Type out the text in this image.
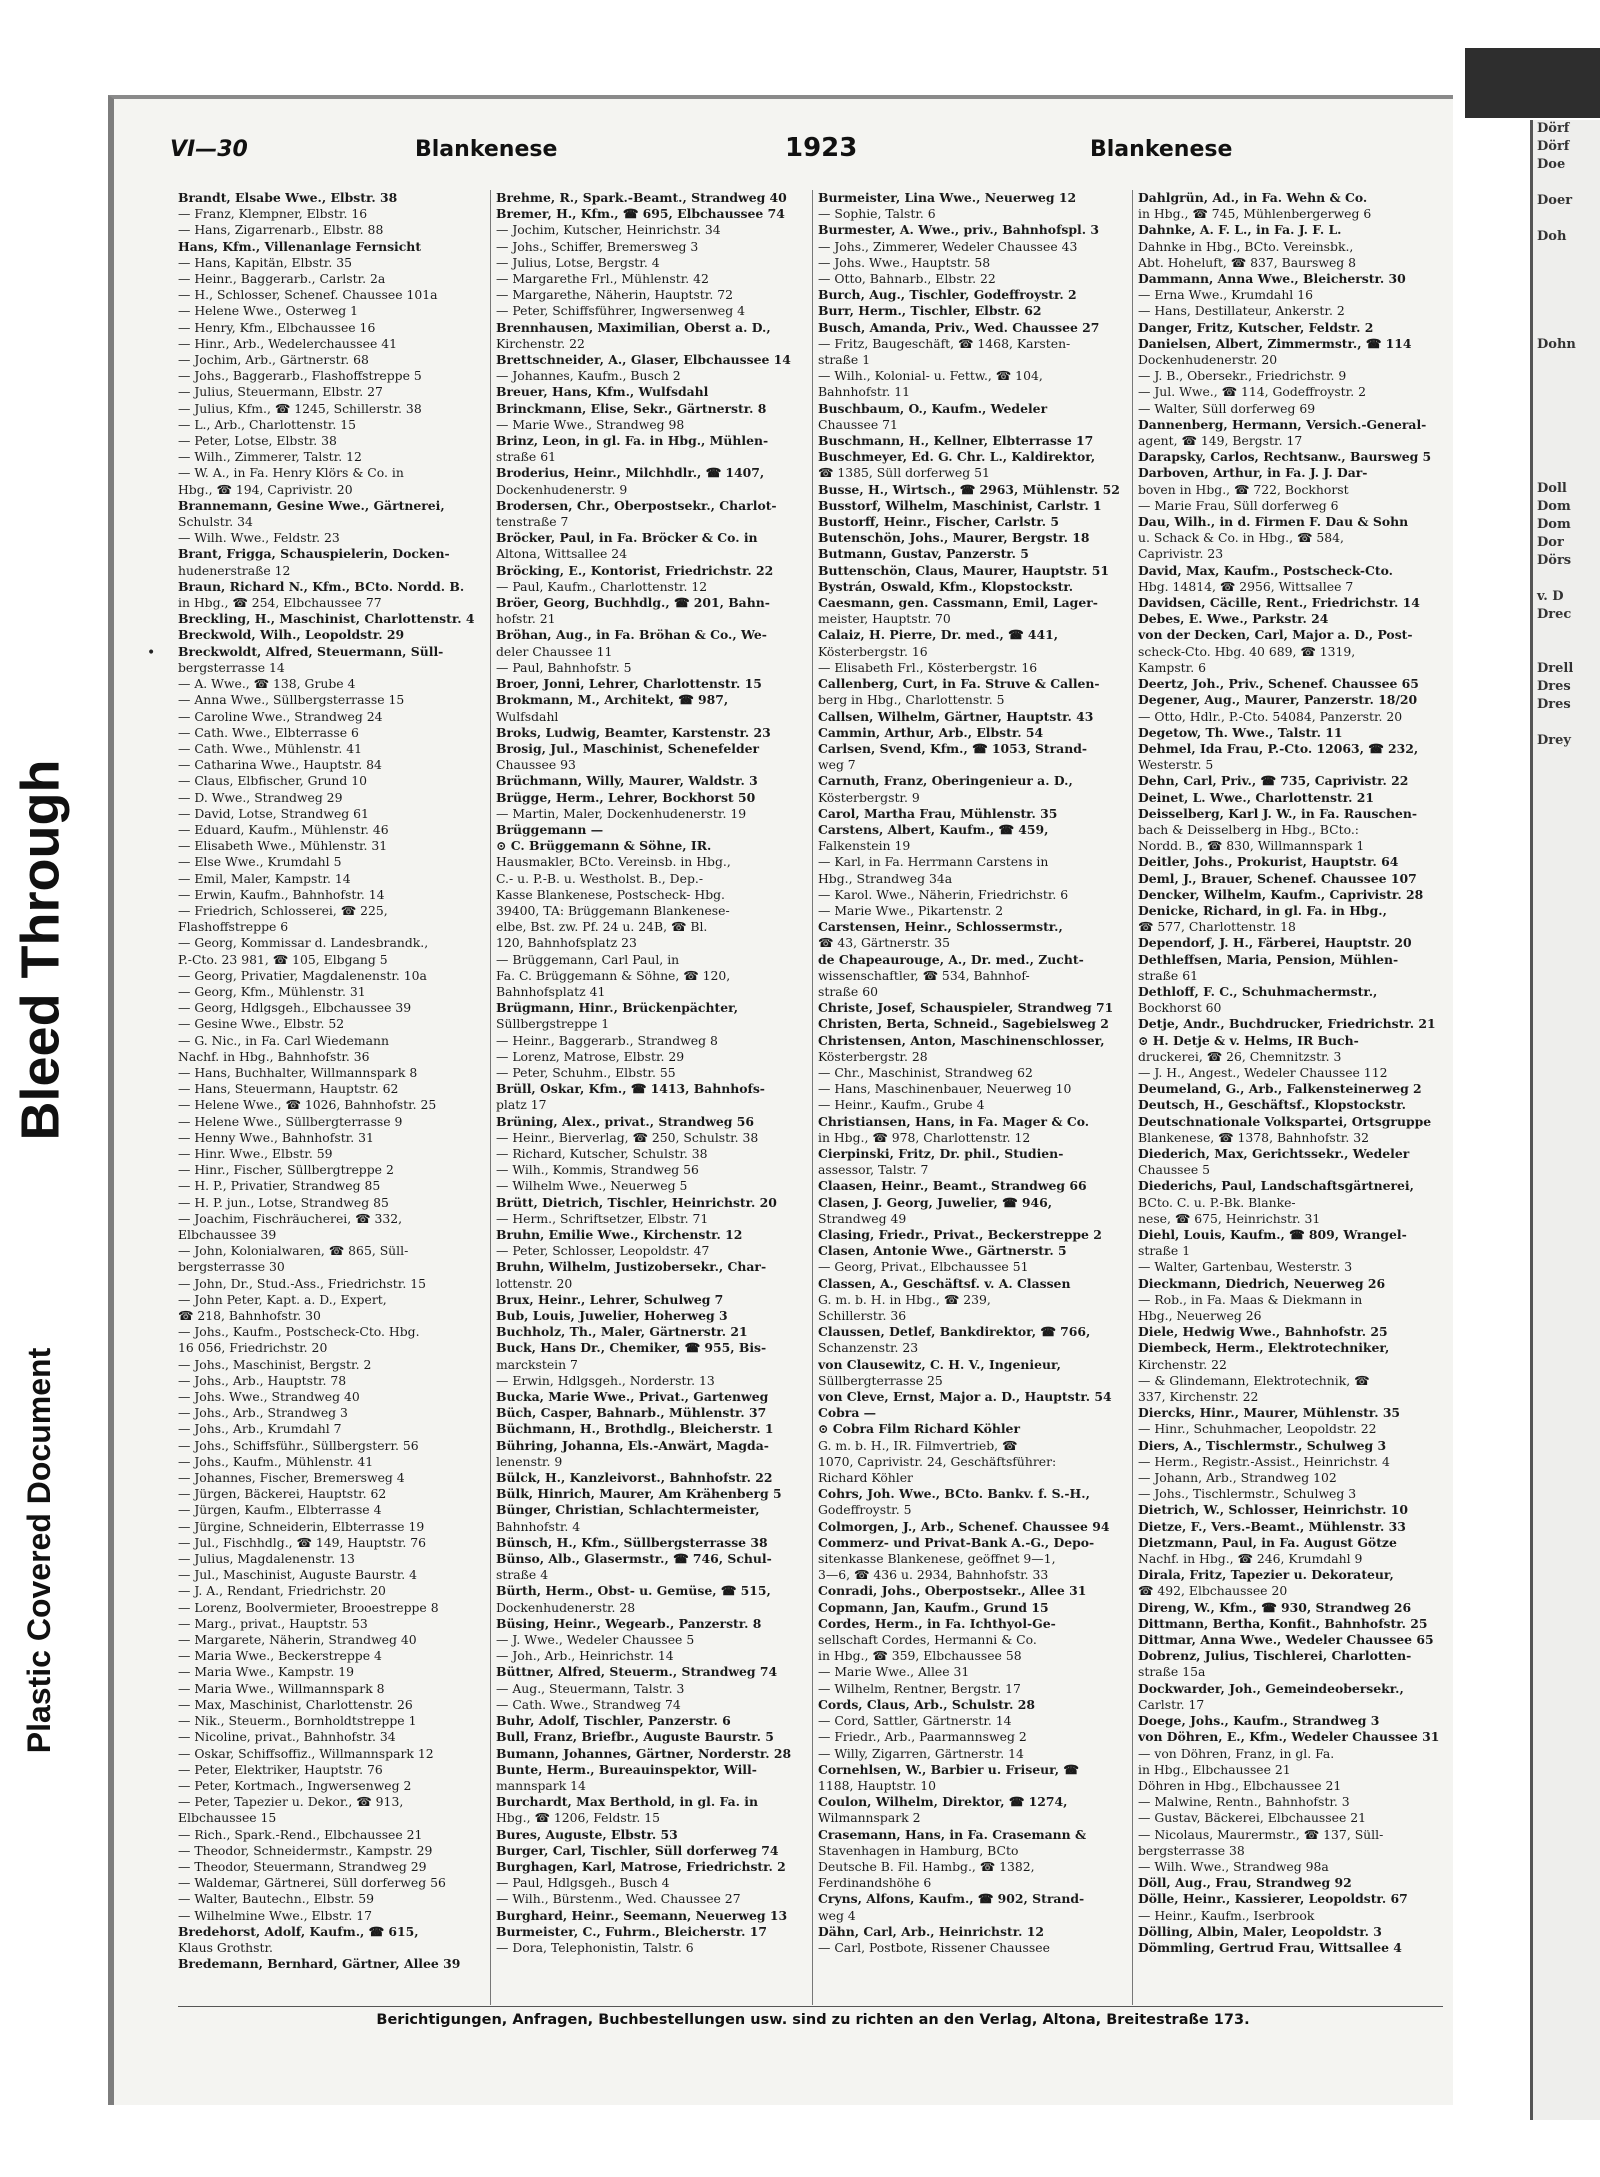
Bleed Through
Plastic Covered Document
Dörf
Dörf
Doe

Doer

Doh

Dohn

Doll
Dom
Dom
Dor
Dörs

v. D
Drec

Drell
Dres
Dres

Drey
VI—30	Blankenese	1923	Blankenese
•
Brandt, Elsabe Wwe., Elbstr. 38
— Franz, Klempner, Elbstr. 16
— Hans, Zigarrenarb., Elbstr. 88
Hans, Kfm., Villenanlage Fernsicht
— Hans, Kapitän, Elbstr. 35
— Heinr., Baggerarb., Carlstr. 2a
— H., Schlosser, Schenef. Chaussee 101a
— Helene Wwe., Osterweg 1
— Henry, Kfm., Elbchaussee 16
— Hinr., Arb., Wedelerchaussee 41
— Jochim, Arb., Gärtnerstr. 68
— Johs., Baggerarb., Flashoffstreppe 5
— Julius, Steuermann, Elbstr. 27
— Julius, Kfm., ☎ 1245, Schillerstr. 38
— L., Arb., Charlottenstr. 15
— Peter, Lotse, Elbstr. 38
— Wilh., Zimmerer, Talstr. 12
— W. A., in Fa. Henry Klörs & Co. in
Hbg., ☎ 194, Caprivistr. 20
Brannemann, Gesine Wwe., Gärtnerei,
Schulstr. 34
— Wilh. Wwe., Feldstr. 23
Brant, Frigga, Schauspielerin, Docken-
hudenerstraße 12
Braun, Richard N., Kfm., BCto. Nordd. B.
in Hbg., ☎ 254, Elbchaussee 77
Breckling, H., Maschinist, Charlottenstr. 4
Breckwold, Wilh., Leopoldstr. 29
Breckwoldt, Alfred, Steuermann, Süll-
bergsterrasse 14
— A. Wwe., ☎ 138, Grube 4
— Anna Wwe., Süllbergsterrasse 15
— Caroline Wwe., Strandweg 24
— Cath. Wwe., Elbterrasse 6
— Cath. Wwe., Mühlenstr. 41
— Catharina Wwe., Hauptstr. 84
— Claus, Elbfischer, Grund 10
— D. Wwe., Strandweg 29
— David, Lotse, Strandweg 61
— Eduard, Kaufm., Mühlenstr. 46
— Elisabeth Wwe., Mühlenstr. 31
— Else Wwe., Krumdahl 5
— Emil, Maler, Kampstr. 14
— Erwin, Kaufm., Bahnhofstr. 14
— Friedrich, Schlosserei, ☎ 225,
Flashoffstreppe 6
— Georg, Kommissar d. Landesbrandk.,
P.-Cto. 23 981, ☎ 105, Elbgang 5
— Georg, Privatier, Magdalenenstr. 10a
— Georg, Kfm., Mühlenstr. 31
— Georg, Hdlgsgeh., Elbchaussee 39
— Gesine Wwe., Elbstr. 52
— G. Nic., in Fa. Carl Wiedemann
Nachf. in Hbg., Bahnhofstr. 36
— Hans, Buchhalter, Willmannspark 8
— Hans, Steuermann, Hauptstr. 62
— Helene Wwe., ☎ 1026, Bahnhofstr. 25
— Helene Wwe., Süllbergterrasse 9
— Henny Wwe., Bahnhofstr. 31
— Hinr. Wwe., Elbstr. 59
— Hinr., Fischer, Süllbergtreppe 2
— H. P., Privatier, Strandweg 85
— H. P. jun., Lotse, Strandweg 85
— Joachim, Fischräucherei, ☎ 332,
Elbchaussee 39
— John, Kolonialwaren, ☎ 865, Süll-
bergsterrasse 30
— John, Dr., Stud.-Ass., Friedrichstr. 15
— John Peter, Kapt. a. D., Expert,
☎ 218, Bahnhofstr. 30
— Johs., Kaufm., Postscheck-Cto. Hbg.
16 056, Friedrichstr. 20
— Johs., Maschinist, Bergstr. 2
— Johs., Arb., Hauptstr. 78
— Johs. Wwe., Strandweg 40
— Johs., Arb., Strandweg 3
— Johs., Arb., Krumdahl 7
— Johs., Schiffsführ., Süllbergsterr. 56
— Johs., Kaufm., Mühlenstr. 41
— Johannes, Fischer, Bremersweg 4
— Jürgen, Bäckerei, Hauptstr. 62
— Jürgen, Kaufm., Elbterrasse 4
— Jürgine, Schneiderin, Elbterrasse 19
— Jul., Fischhdlg., ☎ 149, Hauptstr. 76
— Julius, Magdalenenstr. 13
— Jul., Maschinist, Auguste Baurstr. 4
— J. A., Rendant, Friedrichstr. 20
— Lorenz, Boolvermieter, Brooestreppe 8
— Marg., privat., Hauptstr. 53
— Margarete, Näherin, Strandweg 40
— Maria Wwe., Beckerstreppe 4
— Maria Wwe., Kampstr. 19
— Maria Wwe., Willmannspark 8
— Max, Maschinist, Charlottenstr. 26
— Nik., Steuerm., Bornholdtstreppe 1
— Nicoline, privat., Bahnhofstr. 34
— Oskar, Schiffsoffiz., Willmannspark 12
— Peter, Elektriker, Hauptstr. 76
— Peter, Kortmach., Ingwersenweg 2
— Peter, Tapezier u. Dekor., ☎ 913,
Elbchaussee 15
— Rich., Spark.-Rend., Elbchaussee 21
— Theodor, Schneidermstr., Kampstr. 29
— Theodor, Steuermann, Strandweg 29
— Waldemar, Gärtnerei, Süll dorferweg 56
— Walter, Bautechn., Elbstr. 59
— Wilhelmine Wwe., Elbstr. 17
Bredehorst, Adolf, Kaufm., ☎ 615,
Klaus Grothstr.
Bredemann, Bernhard, Gärtner, Allee 39
Brehme, R., Spark.-Beamt., Strandweg 40
Bremer, H., Kfm., ☎ 695, Elbchaussee 74
— Jochim, Kutscher, Heinrichstr. 34
— Johs., Schiffer, Bremersweg 3
— Julius, Lotse, Bergstr. 4
— Margarethe Frl., Mühlenstr. 42
— Margarethe, Näherin, Hauptstr. 72
— Peter, Schiffsführer, Ingwersenweg 4
Brennhausen, Maximilian, Oberst a. D.,
Kirchenstr. 22
Brettschneider, A., Glaser, Elbchaussee 14
— Johannes, Kaufm., Busch 2
Breuer, Hans, Kfm., Wulfsdahl
Brinckmann, Elise, Sekr., Gärtnerstr. 8
— Marie Wwe., Strandweg 98
Brinz, Leon, in gl. Fa. in Hbg., Mühlen-
straße 61
Broderius, Heinr., Milchhdlr., ☎ 1407,
Dockenhudenerstr. 9
Brodersen, Chr., Oberpostsekr., Charlot-
tenstraße 7
Bröcker, Paul, in Fa. Bröcker & Co. in
Altona, Wittsallee 24
Bröcking, E., Kontorist, Friedrichstr. 22
— Paul, Kaufm., Charlottenstr. 12
Bröer, Georg, Buchhdlg., ☎ 201, Bahn-
hofstr. 21
Bröhan, Aug., in Fa. Bröhan & Co., We-
deler Chaussee 11
— Paul, Bahnhofstr. 5
Broer, Jonni, Lehrer, Charlottenstr. 15
Brokmann, M., Architekt, ☎ 987,
Wulfsdahl
Broks, Ludwig, Beamter, Karstenstr. 23
Brosig, Jul., Maschinist, Schenefelder
Chaussee 93
Brüchmann, Willy, Maurer, Waldstr. 3
Brügge, Herm., Lehrer, Bockhorst 50
— Martin, Maler, Dockenhudenerstr. 19
Brüggemann —
⊙ C. Brüggemann & Söhne, IR.
Hausmakler, BCto. Vereinsb. in Hbg.,
C.- u. P.-B. u. Westholst. B., Dep.-
Kasse Blankenese, Postscheck- Hbg.
39400, TA: Brüggemann Blankenese-
elbe, Bst. zw. Pf. 24 u. 24B, ☎ Bl.
120, Bahnhofsplatz 23
— Brüggemann, Carl Paul, in
Fa. C. Brüggemann & Söhne, ☎ 120,
Bahnhofsplatz 41
Brügmann, Hinr., Brückenpächter,
Süllbergstreppe 1
— Heinr., Baggerarb., Strandweg 8
— Lorenz, Matrose, Elbstr. 29
— Peter, Schuhm., Elbstr. 55
Brüll, Oskar, Kfm., ☎ 1413, Bahnhofs-
platz 17
Brüning, Alex., privat., Strandweg 56
— Heinr., Bierverlag, ☎ 250, Schulstr. 38
— Richard, Kutscher, Schulstr. 38
— Wilh., Kommis, Strandweg 56
— Wilhelm Wwe., Neuerweg 5
Brütt, Dietrich, Tischler, Heinrichstr. 20
— Herm., Schriftsetzer, Elbstr. 71
Bruhn, Emilie Wwe., Kirchenstr. 12
— Peter, Schlosser, Leopoldstr. 47
Bruhn, Wilhelm, Justizobersekr., Char-
lottenstr. 20
Brux, Heinr., Lehrer, Schulweg 7
Bub, Louis, Juwelier, Hoherweg 3
Buchholz, Th., Maler, Gärtnerstr. 21
Buck, Hans Dr., Chemiker, ☎ 955, Bis-
marckstein 7
— Erwin, Hdlgsgeh., Norderstr. 13
Bucka, Marie Wwe., Privat., Gartenweg
Büch, Casper, Bahnarb., Mühlenstr. 37
Büchmann, H., Brothdlg., Bleicherstr. 1
Bühring, Johanna, Els.-Anwärt, Magda-
lenenstr. 9
Bülck, H., Kanzleivorst., Bahnhofstr. 22
Bülk, Hinrich, Maurer, Am Krähenberg 5
Bünger, Christian, Schlachtermeister,
Bahnhofstr. 4
Bünsch, H., Kfm., Süllbergsterrasse 38
Bünso, Alb., Glasermstr., ☎ 746, Schul-
straße 4
Bürth, Herm., Obst- u. Gemüse, ☎ 515,
Dockenhudenerstr. 28
Büsing, Heinr., Wegearb., Panzerstr. 8
— J. Wwe., Wedeler Chaussee 5
— Joh., Arb., Heinrichstr. 14
Büttner, Alfred, Steuerm., Strandweg 74
— Aug., Steuermann, Talstr. 3
— Cath. Wwe., Strandweg 74
Buhr, Adolf, Tischler, Panzerstr. 6
Bull, Franz, Briefbr., Auguste Baurstr. 5
Bumann, Johannes, Gärtner, Norderstr. 28
Bunte, Herm., Bureauinspektor, Will-
mannspark 14
Burchardt, Max Berthold, in gl. Fa. in
Hbg., ☎ 1206, Feldstr. 15
Bures, Auguste, Elbstr. 53
Burger, Carl, Tischler, Süll dorferweg 74
Burghagen, Karl, Matrose, Friedrichstr. 2
— Paul, Hdlgsgeh., Busch 4
— Wilh., Bürstenm., Wed. Chaussee 27
Burghard, Heinr., Seemann, Neuerweg 13
Burmeister, C., Fuhrm., Bleicherstr. 17
— Dora, Telephonistin, Talstr. 6
Burmeister, Lina Wwe., Neuerweg 12
— Sophie, Talstr. 6
Burmester, A. Wwe., priv., Bahnhofspl. 3
— Johs., Zimmerer, Wedeler Chaussee 43
— Johs. Wwe., Hauptstr. 58
— Otto, Bahnarb., Elbstr. 22
Burch, Aug., Tischler, Godeffroystr. 2
Burr, Herm., Tischler, Elbstr. 62
Busch, Amanda, Priv., Wed. Chaussee 27
— Fritz, Baugeschäft, ☎ 1468, Karsten-
straße 1
— Wilh., Kolonial- u. Fettw., ☎ 104,
Bahnhofstr. 11
Buschbaum, O., Kaufm., Wedeler
Chaussee 71
Buschmann, H., Kellner, Elbterrasse 17
Buschmeyer, Ed. G. Chr. L., Kaldirektor,
☎ 1385, Süll dorferweg 51
Busse, H., Wirtsch., ☎ 2963, Mühlenstr. 52
Busstorf, Wilhelm, Maschinist, Carlstr. 1
Bustorff, Heinr., Fischer, Carlstr. 5
Butenschön, Johs., Maurer, Bergstr. 18
Butmann, Gustav, Panzerstr. 5
Buttenschön, Claus, Maurer, Hauptstr. 51
Bystrán, Oswald, Kfm., Klopstockstr.
Caesmann, gen. Cassmann, Emil, Lager-
meister, Hauptstr. 70
Calaiz, H. Pierre, Dr. med., ☎ 441,
Kösterbergstr. 16
— Elisabeth Frl., Kösterbergstr. 16
Callenberg, Curt, in Fa. Struve & Callen-
berg in Hbg., Charlottenstr. 5
Callsen, Wilhelm, Gärtner, Hauptstr. 43
Cammin, Arthur, Arb., Elbstr. 54
Carlsen, Svend, Kfm., ☎ 1053, Strand-
weg 7
Carnuth, Franz, Oberingenieur a. D.,
Kösterbergstr. 9
Carol, Martha Frau, Mühlenstr. 35
Carstens, Albert, Kaufm., ☎ 459,
Falkenstein 19
— Karl, in Fa. Herrmann Carstens in
Hbg., Strandweg 34a
— Karol. Wwe., Näherin, Friedrichstr. 6
— Marie Wwe., Pikartenstr. 2
Carstensen, Heinr., Schlossermstr.,
☎ 43, Gärtnerstr. 35
de Chapeaurouge, A., Dr. med., Zucht-
wissenschaftler, ☎ 534, Bahnhof-
straße 60
Christe, Josef, Schauspieler, Strandweg 71
Christen, Berta, Schneid., Sagebielsweg 2
Christensen, Anton, Maschinenschlosser,
Kösterbergstr. 28
— Chr., Maschinist, Strandweg 62
— Hans, Maschinenbauer, Neuerweg 10
— Heinr., Kaufm., Grube 4
Christiansen, Hans, in Fa. Mager & Co.
in Hbg., ☎ 978, Charlottenstr. 12
Cierpinski, Fritz, Dr. phil., Studien-
assessor, Talstr. 7
Claasen, Heinr., Beamt., Strandweg 66
Clasen, J. Georg, Juwelier, ☎ 946,
Strandweg 49
Clasing, Friedr., Privat., Beckerstreppe 2
Clasen, Antonie Wwe., Gärtnerstr. 5
— Georg, Privat., Elbchaussee 51
Classen, A., Geschäftsf. v. A. Classen
G. m. b. H. in Hbg., ☎ 239,
Schillerstr. 36
Claussen, Detlef, Bankdirektor, ☎ 766,
Schanzenstr. 23
von Clausewitz, C. H. V., Ingenieur,
Süllbergterrasse 25
von Cleve, Ernst, Major a. D., Hauptstr. 54
Cobra —
⊙ Cobra Film Richard Köhler
G. m. b. H., IR. Filmvertrieb, ☎
1070, Caprivistr. 24, Geschäftsführer:
Richard Köhler
Cohrs, Joh. Wwe., BCto. Bankv. f. S.-H.,
Godeffroystr. 5
Colmorgen, J., Arb., Schenef. Chaussee 94
Commerz- und Privat-Bank A.-G., Depo-
sitenkasse Blankenese, geöffnet 9—1,
3—6, ☎ 436 u. 2934, Bahnhofstr. 33
Conradi, Johs., Oberpostsekr., Allee 31
Copmann, Jan, Kaufm., Grund 15
Cordes, Herm., in Fa. Ichthyol-Ge-
sellschaft Cordes, Hermanni & Co.
in Hbg., ☎ 359, Elbchaussee 58
— Marie Wwe., Allee 31
— Wilhelm, Rentner, Bergstr. 17
Cords, Claus, Arb., Schulstr. 28
— Cord, Sattler, Gärtnerstr. 14
— Friedr., Arb., Paarmannsweg 2
— Willy, Zigarren, Gärtnerstr. 14
Cornehlsen, W., Barbier u. Friseur, ☎
1188, Hauptstr. 10
Coulon, Wilhelm, Direktor, ☎ 1274,
Wilmannspark 2
Crasemann, Hans, in Fa. Crasemann &
Stavenhagen in Hamburg, BCto
Deutsche B. Fil. Hambg., ☎ 1382,
Ferdinandshöhe 6
Cryns, Alfons, Kaufm., ☎ 902, Strand-
weg 4
Dähn, Carl, Arb., Heinrichstr. 12
— Carl, Postbote, Rissener Chaussee
Dahlgrün, Ad., in Fa. Wehn & Co.
in Hbg., ☎ 745, Mühlenbergerweg 6
Dahnke, A. F. L., in Fa. J. F. L.
Dahnke in Hbg., BCto. Vereinsbk.,
Abt. Hoheluft, ☎ 837, Baursweg 8
Dammann, Anna Wwe., Bleicherstr. 30
— Erna Wwe., Krumdahl 16
— Hans, Destillateur, Ankerstr. 2
Danger, Fritz, Kutscher, Feldstr. 2
Danielsen, Albert, Zimmermstr., ☎ 114
Dockenhudenerstr. 20
— J. B., Obersekr., Friedrichstr. 9
— Jul. Wwe., ☎ 114, Godeffroystr. 2
— Walter, Süll dorferweg 69
Dannenberg, Hermann, Versich.-General-
agent, ☎ 149, Bergstr. 17
Darapsky, Carlos, Rechtsanw., Baursweg 5
Darboven, Arthur, in Fa. J. J. Dar-
boven in Hbg., ☎ 722, Bockhorst
— Marie Frau, Süll dorferweg 6
Dau, Wilh., in d. Firmen F. Dau & Sohn
u. Schack & Co. in Hbg., ☎ 584,
Caprivistr. 23
David, Max, Kaufm., Postscheck-Cto.
Hbg. 14814, ☎ 2956, Wittsallee 7
Davidsen, Cäcille, Rent., Friedrichstr. 14
Debes, E. Wwe., Parkstr. 24
von der Decken, Carl, Major a. D., Post-
scheck-Cto. Hbg. 40 689, ☎ 1319,
Kampstr. 6
Deertz, Joh., Priv., Schenef. Chaussee 65
Degener, Aug., Maurer, Panzerstr. 18/20
— Otto, Hdlr., P.-Cto. 54084, Panzerstr. 20
Degetow, Th. Wwe., Talstr. 11
Dehmel, Ida Frau, P.-Cto. 12063, ☎ 232,
Westerstr. 5
Dehn, Carl, Priv., ☎ 735, Caprivistr. 22
Deinet, L. Wwe., Charlottenstr. 21
Deisselberg, Karl J. W., in Fa. Rauschen-
bach & Deisselberg in Hbg., BCto.:
Nordd. B., ☎ 830, Willmannspark 1
Deitler, Johs., Prokurist, Hauptstr. 64
Deml, J., Brauer, Schenef. Chaussee 107
Dencker, Wilhelm, Kaufm., Caprivistr. 28
Denicke, Richard, in gl. Fa. in Hbg.,
☎ 577, Charlottenstr. 18
Dependorf, J. H., Färberei, Hauptstr. 20
Dethleffsen, Maria, Pension, Mühlen-
straße 61
Dethloff, F. C., Schuhmachermstr.,
Bockhorst 60
Detje, Andr., Buchdrucker, Friedrichstr. 21
⊙ H. Detje & v. Helms, IR Buch-
druckerei, ☎ 26, Chemnitzstr. 3
— J. H., Angest., Wedeler Chaussee 112
Deumeland, G., Arb., Falkensteinerweg 2
Deutsch, H., Geschäftsf., Klopstockstr.
Deutschnationale Volkspartei, Ortsgruppe
Blankenese, ☎ 1378, Bahnhofstr. 32
Diederich, Max, Gerichtssekr., Wedeler
Chaussee 5
Diederichs, Paul, Landschaftsgärtnerei,
BCto. C. u. P.-Bk. Blanke-
nese, ☎ 675, Heinrichstr. 31
Diehl, Louis, Kaufm., ☎ 809, Wrangel-
straße 1
— Walter, Gartenbau, Westerstr. 3
Dieckmann, Diedrich, Neuerweg 26
— Rob., in Fa. Maas & Diekmann in
Hbg., Neuerweg 26
Diele, Hedwig Wwe., Bahnhofstr. 25
Diembeck, Herm., Elektrotechniker,
Kirchenstr. 22
— & Glindemann, Elektrotechnik, ☎
337, Kirchenstr. 22
Diercks, Hinr., Maurer, Mühlenstr. 35
— Hinr., Schuhmacher, Leopoldstr. 22
Diers, A., Tischlermstr., Schulweg 3
— Herm., Registr.-Assist., Heinrichstr. 4
— Johann, Arb., Strandweg 102
— Johs., Tischlermstr., Schulweg 3
Dietrich, W., Schlosser, Heinrichstr. 10
Dietze, F., Vers.-Beamt., Mühlenstr. 33
Dietzmann, Paul, in Fa. August Götze
Nachf. in Hbg., ☎ 246, Krumdahl 9
Dirala, Fritz, Tapezier u. Dekorateur,
☎ 492, Elbchaussee 20
Direng, W., Kfm., ☎ 930, Strandweg 26
Dittmann, Bertha, Konfit., Bahnhofstr. 25
Dittmar, Anna Wwe., Wedeler Chaussee 65
Dobrenz, Julius, Tischlerei, Charlotten-
straße 15a
Dockwarder, Joh., Gemeindeobersekr.,
Carlstr. 17
Doege, Johs., Kaufm., Strandweg 3
von Döhren, E., Kfm., Wedeler Chaussee 31
— von Döhren, Franz, in gl. Fa.
in Hbg., Elbchaussee 21
Döhren in Hbg., Elbchaussee 21
— Malwine, Rentn., Bahnhofstr. 3
— Gustav, Bäckerei, Elbchaussee 21
— Nicolaus, Maurermstr., ☎ 137, Süll-
bergsterrasse 38
— Wilh. Wwe., Strandweg 98a
Döll, Aug., Frau, Strandweg 92
Dölle, Heinr., Kassierer, Leopoldstr. 67
— Heinr., Kaufm., Iserbrook
Dölling, Albin, Maler, Leopoldstr. 3
Dömmling, Gertrud Frau, Wittsallee 4
Berichtigungen, Anfragen, Buchbestellungen usw. sind zu richten an den Verlag, Altona, Breitestraße 173.
